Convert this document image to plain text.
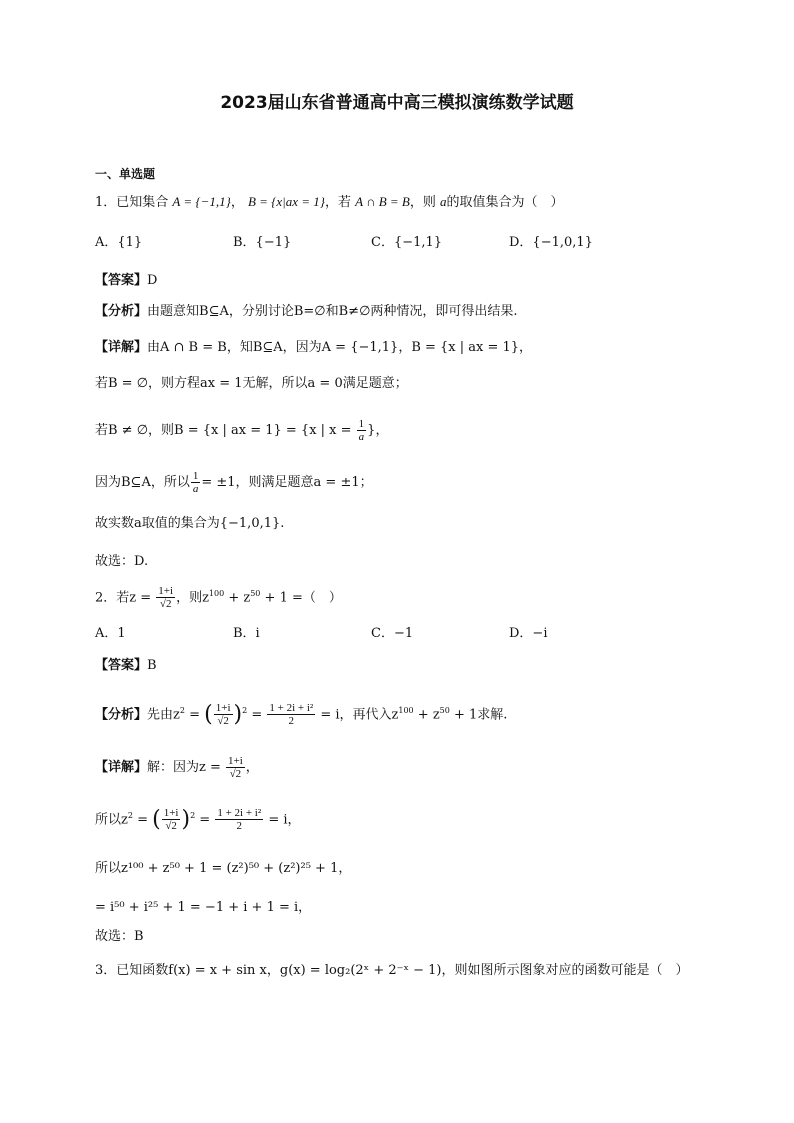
2023届山东省普通高中高三模拟演练数学试题
一、单选题
1．已知集合 A = {−1,1}， B = {x|ax = 1}，若 A ∩ B = B，则 a的取值集合为（　）
A．{1}	B．{−1}	C．{−1,1}	D．{−1,0,1}
【答案】D
【分析】由题意知B⊆A，分别讨论B=∅和B≠∅两种情况，即可得出结果.
【详解】由A ∩ B = B，知B⊆A，因为A = {−1,1}，B = {x | ax = 1}，
若B = ∅，则方程ax = 1无解，所以a = 0满足题意；
若B ≠ ∅，则B = {x | ax = 1} = {x | $x = \frac{1}{a}$ }，
因为B⊆A，所以 $\frac{1}{a} = \pm 1$，则满足题意a = ±1；
故实数a取值的集合为{−1,0,1}.
故选：D.
2．若$z = \frac{1+i}{√2}$ ，则$z^{100} + z^{50} + 1$ =（　）
A．1	B．i	C．−1	D．−i
【答案】B
【分析】先由$z^2$ = ( $\frac{1+i}{√2} )^2 = \frac{\text{1 + 2i + i²}}{2} = i$，再代入$z^{100} + z^{50} + 1$求解.
【详解】解：因为$z = \frac{1+i}{√2}$ ，
所以$z^2$ = ( $\frac{1+i}{√2} )^2 = \frac{\text{1 + 2i + i²}}{2} = i$，
所以z¹⁰⁰ + z⁵⁰ + 1 = (z²)⁵⁰ + (z²)²⁵ + 1，
= i⁵⁰ + i²⁵ + 1 = −1 + i + 1 = i，
故选：B
3．已知函数f(x) = x + sin x，g(x) = log₂(2ˣ + 2⁻ˣ − 1)，则如图所示图象对应的函数可能是（　）
